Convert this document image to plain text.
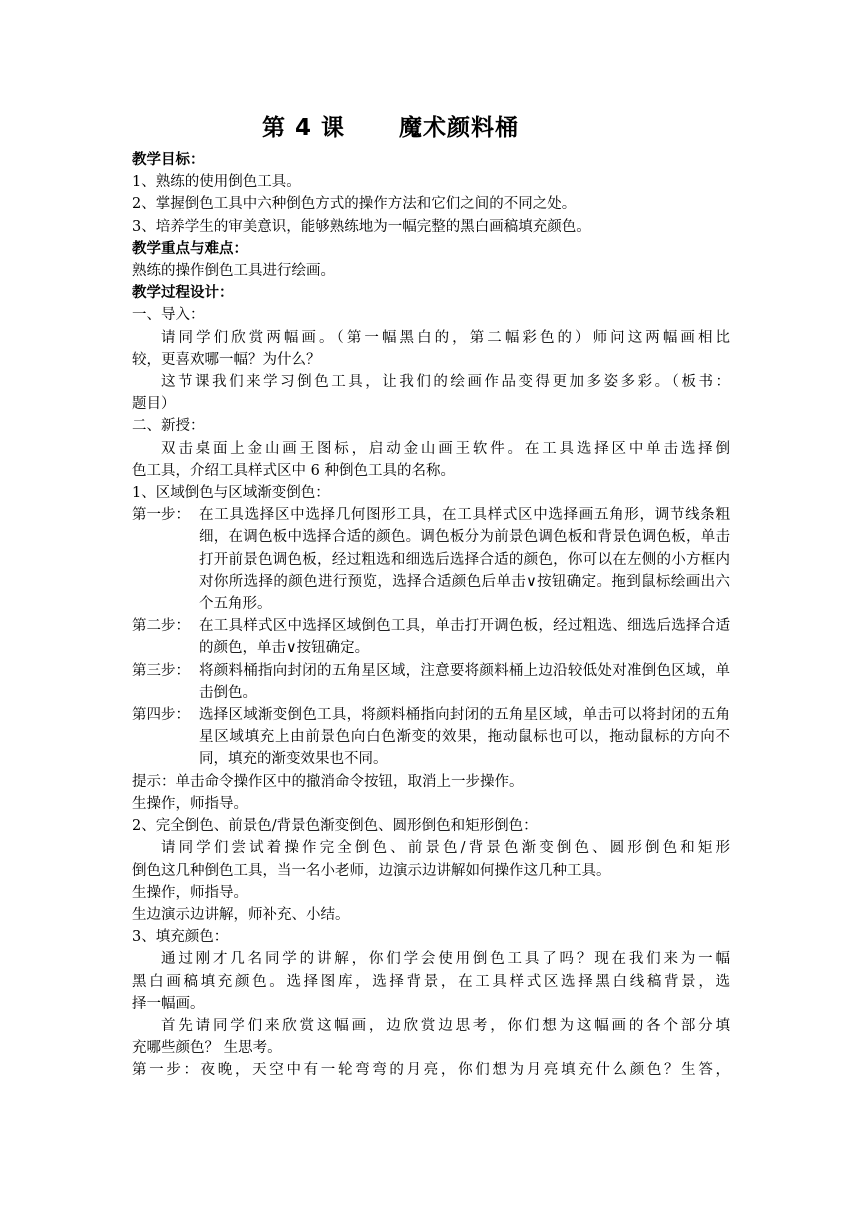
第 4 课      魔术颜料桶

教学目标：

1、熟练的使用倒色工具。

2、掌握倒色工具中六种倒色方式的操作方法和它们之间的不同之处。

3、培养学生的审美意识，能够熟练地为一幅完整的黑白画稿填充颜色。

教学重点与难点：

熟练的操作倒色工具进行绘画。

教学过程设计：

一、导入：

请同学们欣赏两幅画。（第一幅黑白的，第二幅彩色的）师问这两幅画相比

较，更喜欢哪一幅？为什么？

这节课我们来学习倒色工具，让我们的绘画作品变得更加多姿多彩。（板书：

题目）

二、新授：

双击桌面上金山画王图标，启动金山画王软件。在工具选择区中单击选择倒

色工具，介绍工具样式区中 6 种倒色工具的名称。

1、区域倒色与区域渐变倒色：

第一步： 在工具选择区中选择几何图形工具，在工具样式区中选择画五角形，调节线条粗细，在调色板中选择合适的颜色。调色板分为前景色调色板和背景色调色板，单击打开前景色调色板，经过粗选和细选后选择合适的颜色，你可以在左侧的小方框内对你所选择的颜色进行预览，选择合适颜色后单击∨按钮确定。拖到鼠标绘画出六个五角形。
第二步： 在工具样式区中选择区域倒色工具，单击打开调色板，经过粗选、细选后选择合适的颜色，单击∨按钮确定。
第三步： 将颜料桶指向封闭的五角星区域，注意要将颜料桶上边沿较低处对准倒色区域，单击倒色。
第四步： 选择区域渐变倒色工具，将颜料桶指向封闭的五角星区域，单击可以将封闭的五角星区域填充上由前景色向白色渐变的效果，拖动鼠标也可以，拖动鼠标的方向不同，填充的渐变效果也不同。

提示：单击命令操作区中的撤消命令按钮，取消上一步操作。

生操作，师指导。

2、完全倒色、前景色/背景色渐变倒色、圆形倒色和矩形倒色：

请同学们尝试着操作完全倒色、前景色/背景色渐变倒色、圆形倒色和矩形

倒色这几种倒色工具，当一名小老师，边演示边讲解如何操作这几种工具。

生操作，师指导。

生边演示边讲解，师补充、小结。

3、填充颜色：

通过刚才几名同学的讲解，你们学会使用倒色工具了吗？现在我们来为一幅

黑白画稿填充颜色。选择图库，选择背景，在工具样式区选择黑白线稿背景，选

择一幅画。

首先请同学们来欣赏这幅画，边欣赏边思考，你们想为这幅画的各个部分填

充哪些颜色？ 生思考。

第一步：夜晚，天空中有一轮弯弯的月亮，你们想为月亮填充什么颜色？生答，
